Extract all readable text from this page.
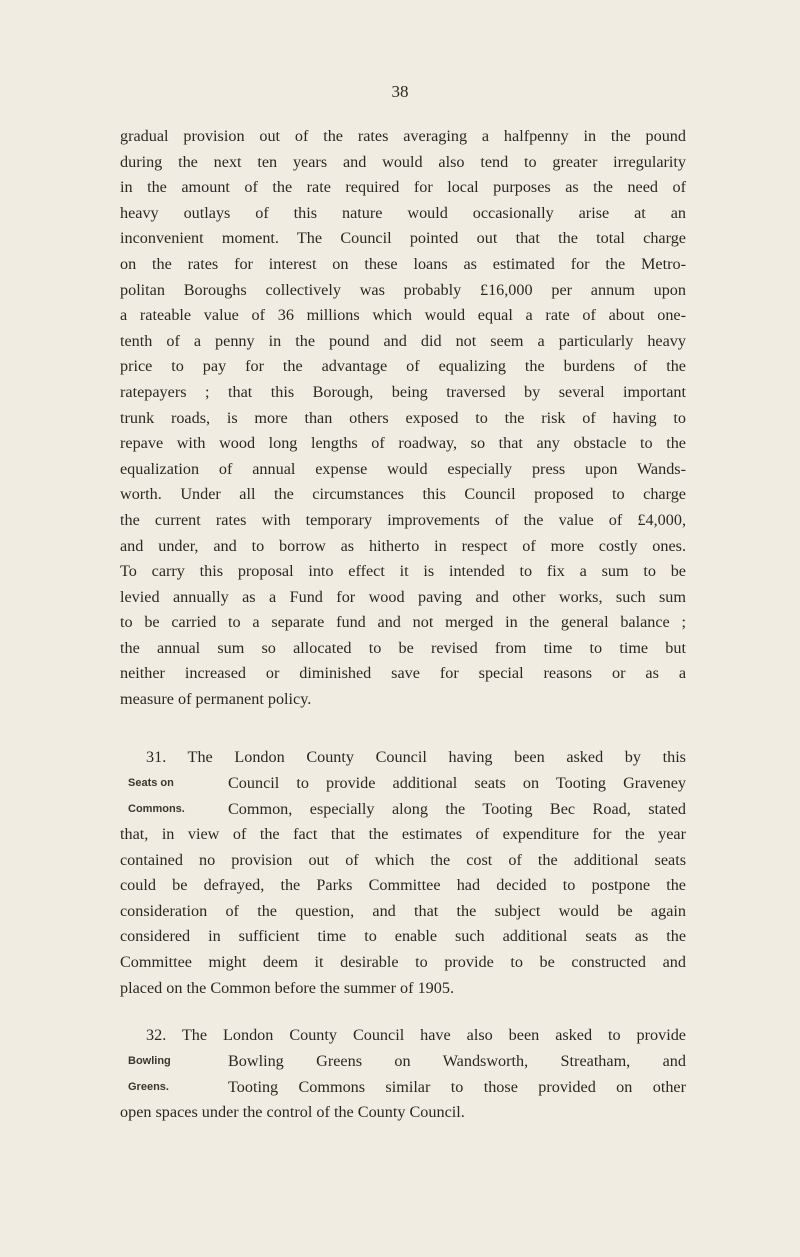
38
gradual provision out of the rates averaging a halfpenny in the pound
during the next ten years and would also tend to greater irregularity
in the amount of the rate required for local purposes as the need of
heavy outlays of this nature would occasionally arise at an
inconvenient moment. The Council pointed out that the total charge
on the rates for interest on these loans as estimated for the Metro-
politan Boroughs collectively was probably £16,000 per annum upon
a rateable value of 36 millions which would equal a rate of about one-
tenth of a penny in the pound and did not seem a particularly heavy
price to pay for the advantage of equalizing the burdens of the
ratepayers ; that this Borough, being traversed by several important
trunk roads, is more than others exposed to the risk of having to
repave with wood long lengths of roadway, so that any obstacle to the
equalization of annual expense would especially press upon Wands-
worth. Under all the circumstances this Council proposed to charge
the current rates with temporary improvements of the value of £4,000,
and under, and to borrow as hitherto in respect of more costly ones.
To carry this proposal into effect it is intended to fix a sum to be
levied annually as a Fund for wood paving and other works, such sum
to be carried to a separate fund and not merged in the general balance ;
the annual sum so allocated to be revised from time to time but
neither increased or diminished save for special reasons or as a
measure of permanent policy.
31. The London County Council having been asked by this
Seats on
Commons.
Council to provide additional seats on Tooting Graveney
Common, especially along the Tooting Bec Road, stated
that, in view of the fact that the estimates of expenditure for the year
contained no provision out of which the cost of the additional seats
could be defrayed, the Parks Committee had decided to postpone the
consideration of the question, and that the subject would be again
considered in sufficient time to enable such additional seats as the
Committee might deem it desirable to provide to be constructed and
placed on the Common before the summer of 1905.
32. The London County Council have also been asked to provide
Bowling
Greens.
Bowling Greens on Wandsworth, Streatham, and
Tooting Commons similar to those provided on other
open spaces under the control of the County Council.
